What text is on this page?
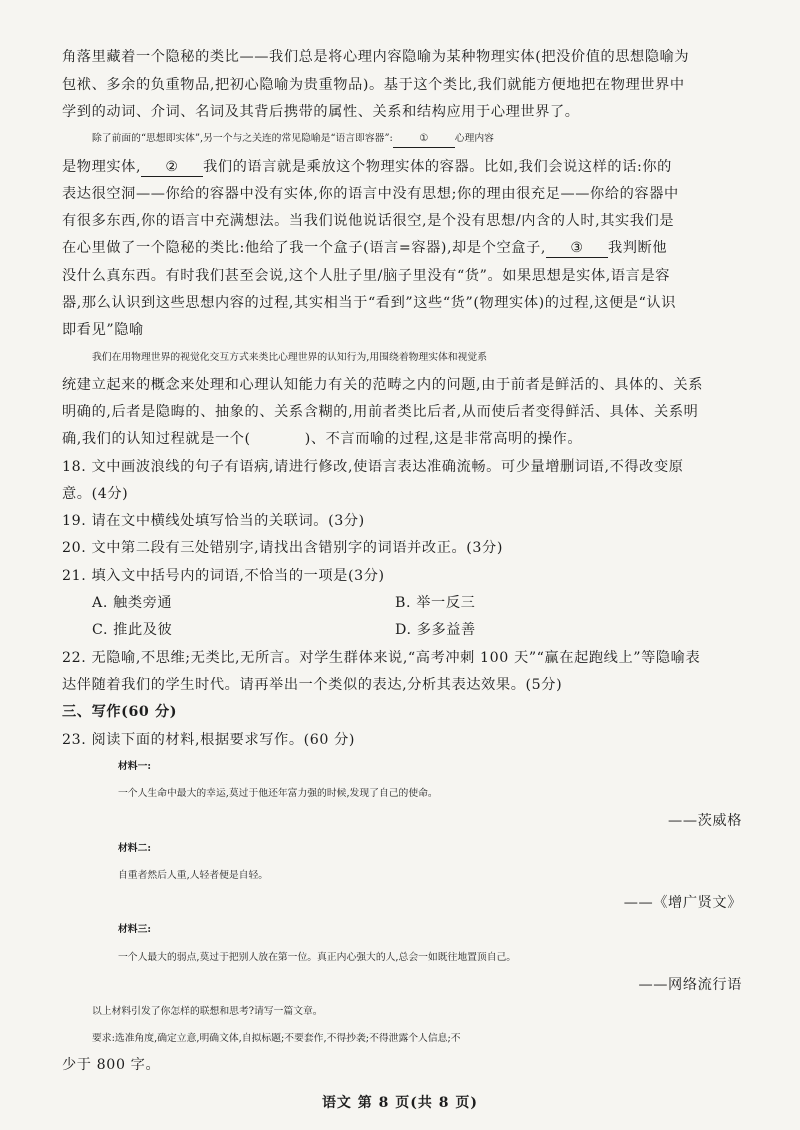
角落里藏着一个隐秘的类比——我们总是将心理内容隐喻为某种物理实体(把没价值的思想隐喻为
包袱、多余的负重物品,把初心隐喻为贵重物品)。基于这个类比,我们就能方便地把在物理世界中
学到的动词、介词、名词及其背后携带的属性、关系和结构应用于心理世界了。
除了前面的“思想即实体”,另一个与之关连的常见隐喻是“语言即容器”:	①	心理内容
是物理实体, ② 我们的语言就是乘放这个物理实体的容器。比如,我们会说这样的话:你的
表达很空洞——你给的容器中没有实体,你的语言中没有思想;你的理由很充足——你给的容器中
有很多东西,你的语言中充满想法。当我们说他说话很空,是个没有思想/内含的人时,其实我们是
在心里做了一个隐秘的类比:他给了我一个盒子(语言=容器),却是个空盒子, ③ 我判断他
没什么真东西。有时我们甚至会说,这个人肚子里/脑子里没有“货”。如果思想是实体,语言是容
器,那么认识到这些思想内容的过程,其实相当于“看到”这些“货”(物理实体)的过程,这便是“认识
即看见”隐喻
我们在用物理世界的视觉化交互方式来类比心理世界的认知行为,用围绕着物理实体和视觉系
统建立起来的概念来处理和心理认知能力有关的范畴之内的问题,由于前者是鲜活的、具体的、关系
明确的,后者是隐晦的、抽象的、关系含糊的,用前者类比后者,从而使后者变得鲜活、具体、关系明
确,我们的认知过程就是一个(	)、不言而喻的过程,这是非常高明的操作。
18. 文中画波浪线的句子有语病,请进行修改,使语言表达准确流畅。可少量增删词语,不得改变原
意。(4分)
19. 请在文中横线处填写恰当的关联词。(3分)
20. 文中第二段有三处错别字,请找出含错别字的词语并改正。(3分)
21. 填入文中括号内的词语,不恰当的一项是(3分)
A. 触类旁通	B. 举一反三
C. 推此及彼	D. 多多益善
22. 无隐喻,不思维;无类比,无所言。对学生群体来说,“高考冲刺 100 天”“赢在起跑线上”等隐喻表
达伴随着我们的学生时代。请再举出一个类似的表达,分析其表达效果。(5分)
三、写作(60 分)
23. 阅读下面的材料,根据要求写作。(60 分)
材料一:
一个人生命中最大的幸运,莫过于他还年富力强的时候,发现了自己的使命。
——茨威格
材料二:
自重者然后人重,人轻者便是自轻。
——《增广贤文》
材料三:
一个人最大的弱点,莫过于把别人放在第一位。真正内心强大的人,总会一如既往地置顶自己。
——网络流行语
以上材料引发了你怎样的联想和思考?请写一篇文章。
要求:选准角度,确定立意,明确文体,自拟标题;不要套作,不得抄袭;不得泄露个人信息;不
少于 800 字。
语文 第 8 页(共 8 页)
